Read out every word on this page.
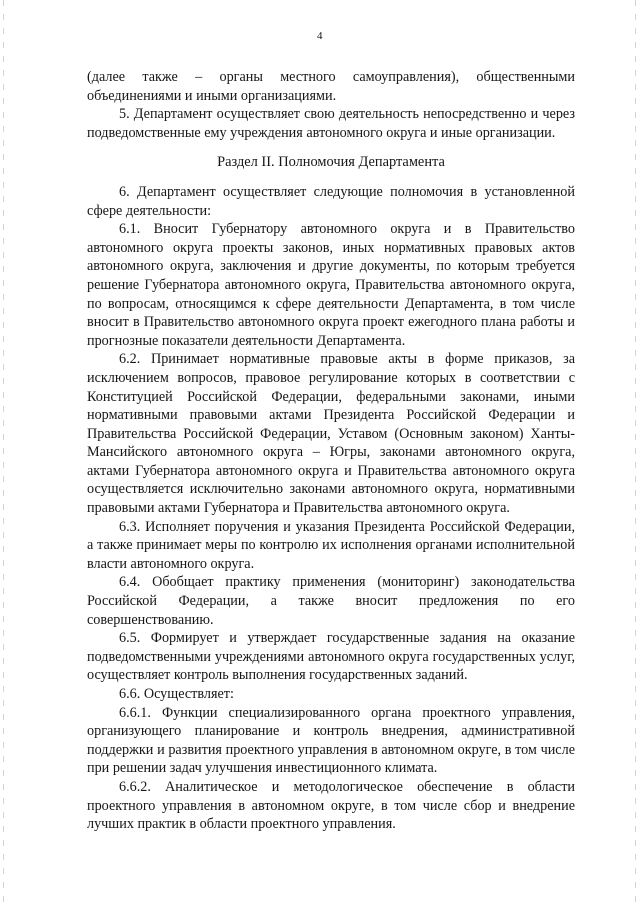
4

(далее также – органы местного самоуправления), общественными объединениями и иными организациями.

5. Департамент осуществляет свою деятельность непосредственно и через подведомственные ему учреждения автономного округа и иные организации.

Раздел II. Полномочия Департамента

6. Департамент осуществляет следующие полномочия в установленной сфере деятельности:

6.1. Вносит Губернатору автономного округа и в Правительство автономного округа проекты законов, иных нормативных правовых актов автономного округа, заключения и другие документы, по которым требуется решение Губернатора автономного округа, Правительства автономного округа, по вопросам, относящимся к сфере деятельности Департамента, в том числе вносит в Правительство автономного округа проект ежегодного плана работы и прогнозные показатели деятельности Департамента.

6.2. Принимает нормативные правовые акты в форме приказов, за исключением вопросов, правовое регулирование которых в соответствии с Конституцией Российской Федерации, федеральными законами, иными нормативными правовыми актами Президента Российской Федерации и Правительства Российской Федерации, Уставом (Основным законом) Ханты-Мансийского автономного округа – Югры, законами автономного округа, актами Губернатора автономного округа и Правительства автономного округа осуществляется исключительно законами автономного округа, нормативными правовыми актами Губернатора и Правительства автономного округа.

6.3. Исполняет поручения и указания Президента Российской Федерации, а также принимает меры по контролю их исполнения органами исполнительной власти автономного округа.

6.4. Обобщает практику применения (мониторинг) законодательства Российской Федерации, а также вносит предложения по его совершенствованию.

6.5. Формирует и утверждает государственные задания на оказание подведомственными учреждениями автономного округа государственных услуг, осуществляет контроль выполнения государственных заданий.

6.6. Осуществляет:

6.6.1. Функции специализированного органа проектного управления, организующего планирование и контроль внедрения, административной поддержки и развития проектного управления в автономном округе, в том числе при решении задач улучшения инвестиционного климата.

6.6.2. Аналитическое и методологическое обеспечение в области проектного управления в автономном округе, в том числе сбор и внедрение лучших практик в области проектного управления.
